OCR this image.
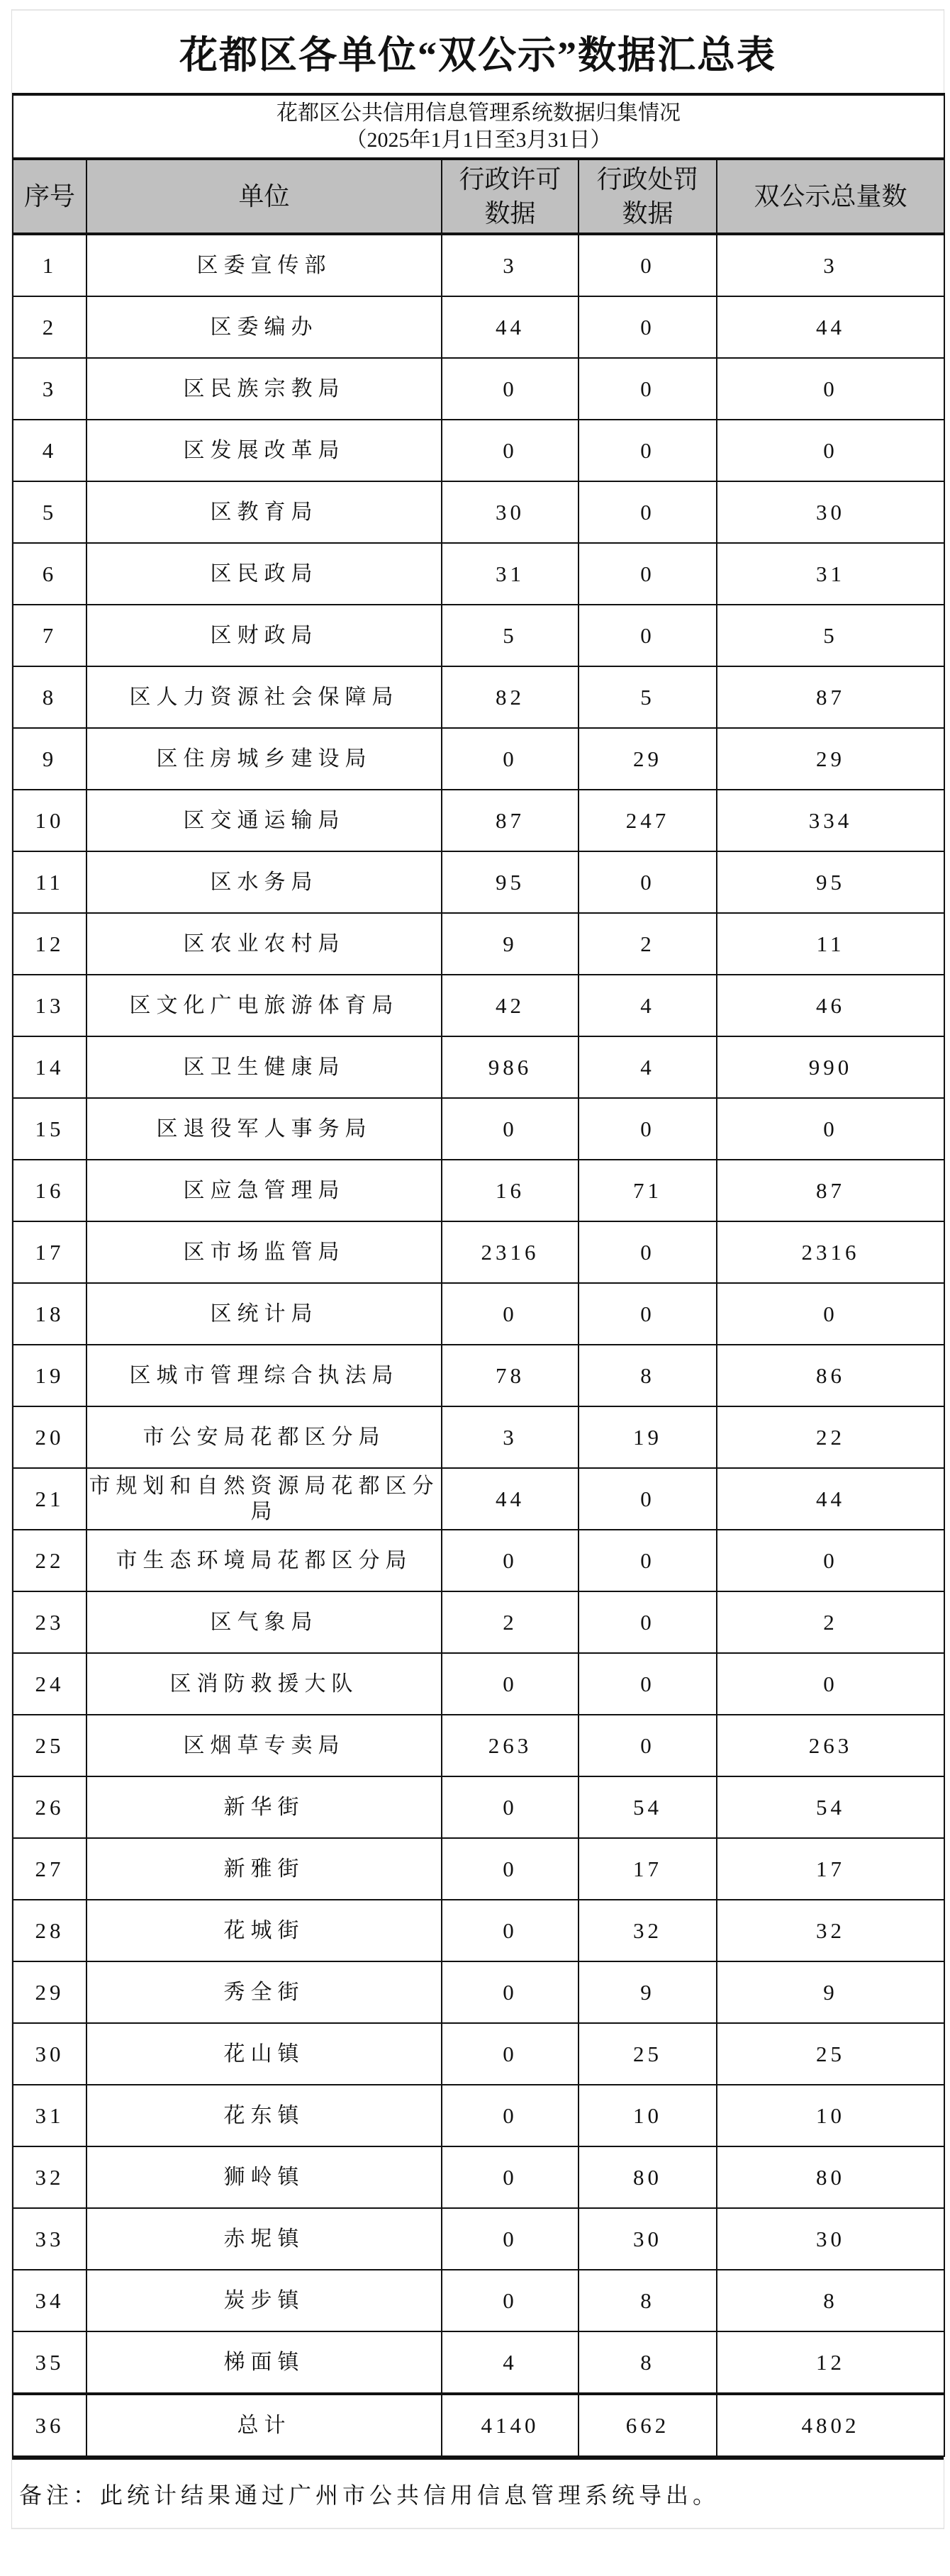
花都区各单位“双公示”数据汇总表
花都区公共信用信息管理系统数据归集情况
（2025年1月1日至3月31日）				

序号	单位	行政许可数据	行政处罚数据	双公示总量数
1	区委宣传部	3	0	3
2	区委编办	44	0	44
3	区民族宗教局	0	0	0
4	区发展改革局	0	0	0
5	区教育局	30	0	30
6	区民政局	31	0	31
7	区财政局	5	0	5
8	区人力资源社会保障局	82	5	87
9	区住房城乡建设局	0	29	29
10	区交通运输局	87	247	334
11	区水务局	95	0	95
12	区农业农村局	9	2	11
13	区文化广电旅游体育局	42	4	46
14	区卫生健康局	986	4	990
15	区退役军人事务局	0	0	0
16	区应急管理局	16	71	87
17	区市场监管局	2316	0	2316
18	区统计局	0	0	0
19	区城市管理综合执法局	78	8	86
20	市公安局花都区分局	3	19	22
21	市规划和自然资源局花都区分局	44	0	44
22	市生态环境局花都区分局	0	0	0
23	区气象局	2	0	2
24	区消防救援大队	0	0	0
25	区烟草专卖局	263	0	263
26	新华街	0	54	54
27	新雅街	0	17	17
28	花城街	0	32	32
29	秀全街	0	9	9
30	花山镇	0	25	25
31	花东镇	0	10	10
32	狮岭镇	0	80	80
33	赤坭镇	0	30	30
34	炭步镇	0	8	8
35	梯面镇	4	8	12
36	总计	4140	662	4802
备注：此统计结果通过广州市公共信用信息管理系统导出。
